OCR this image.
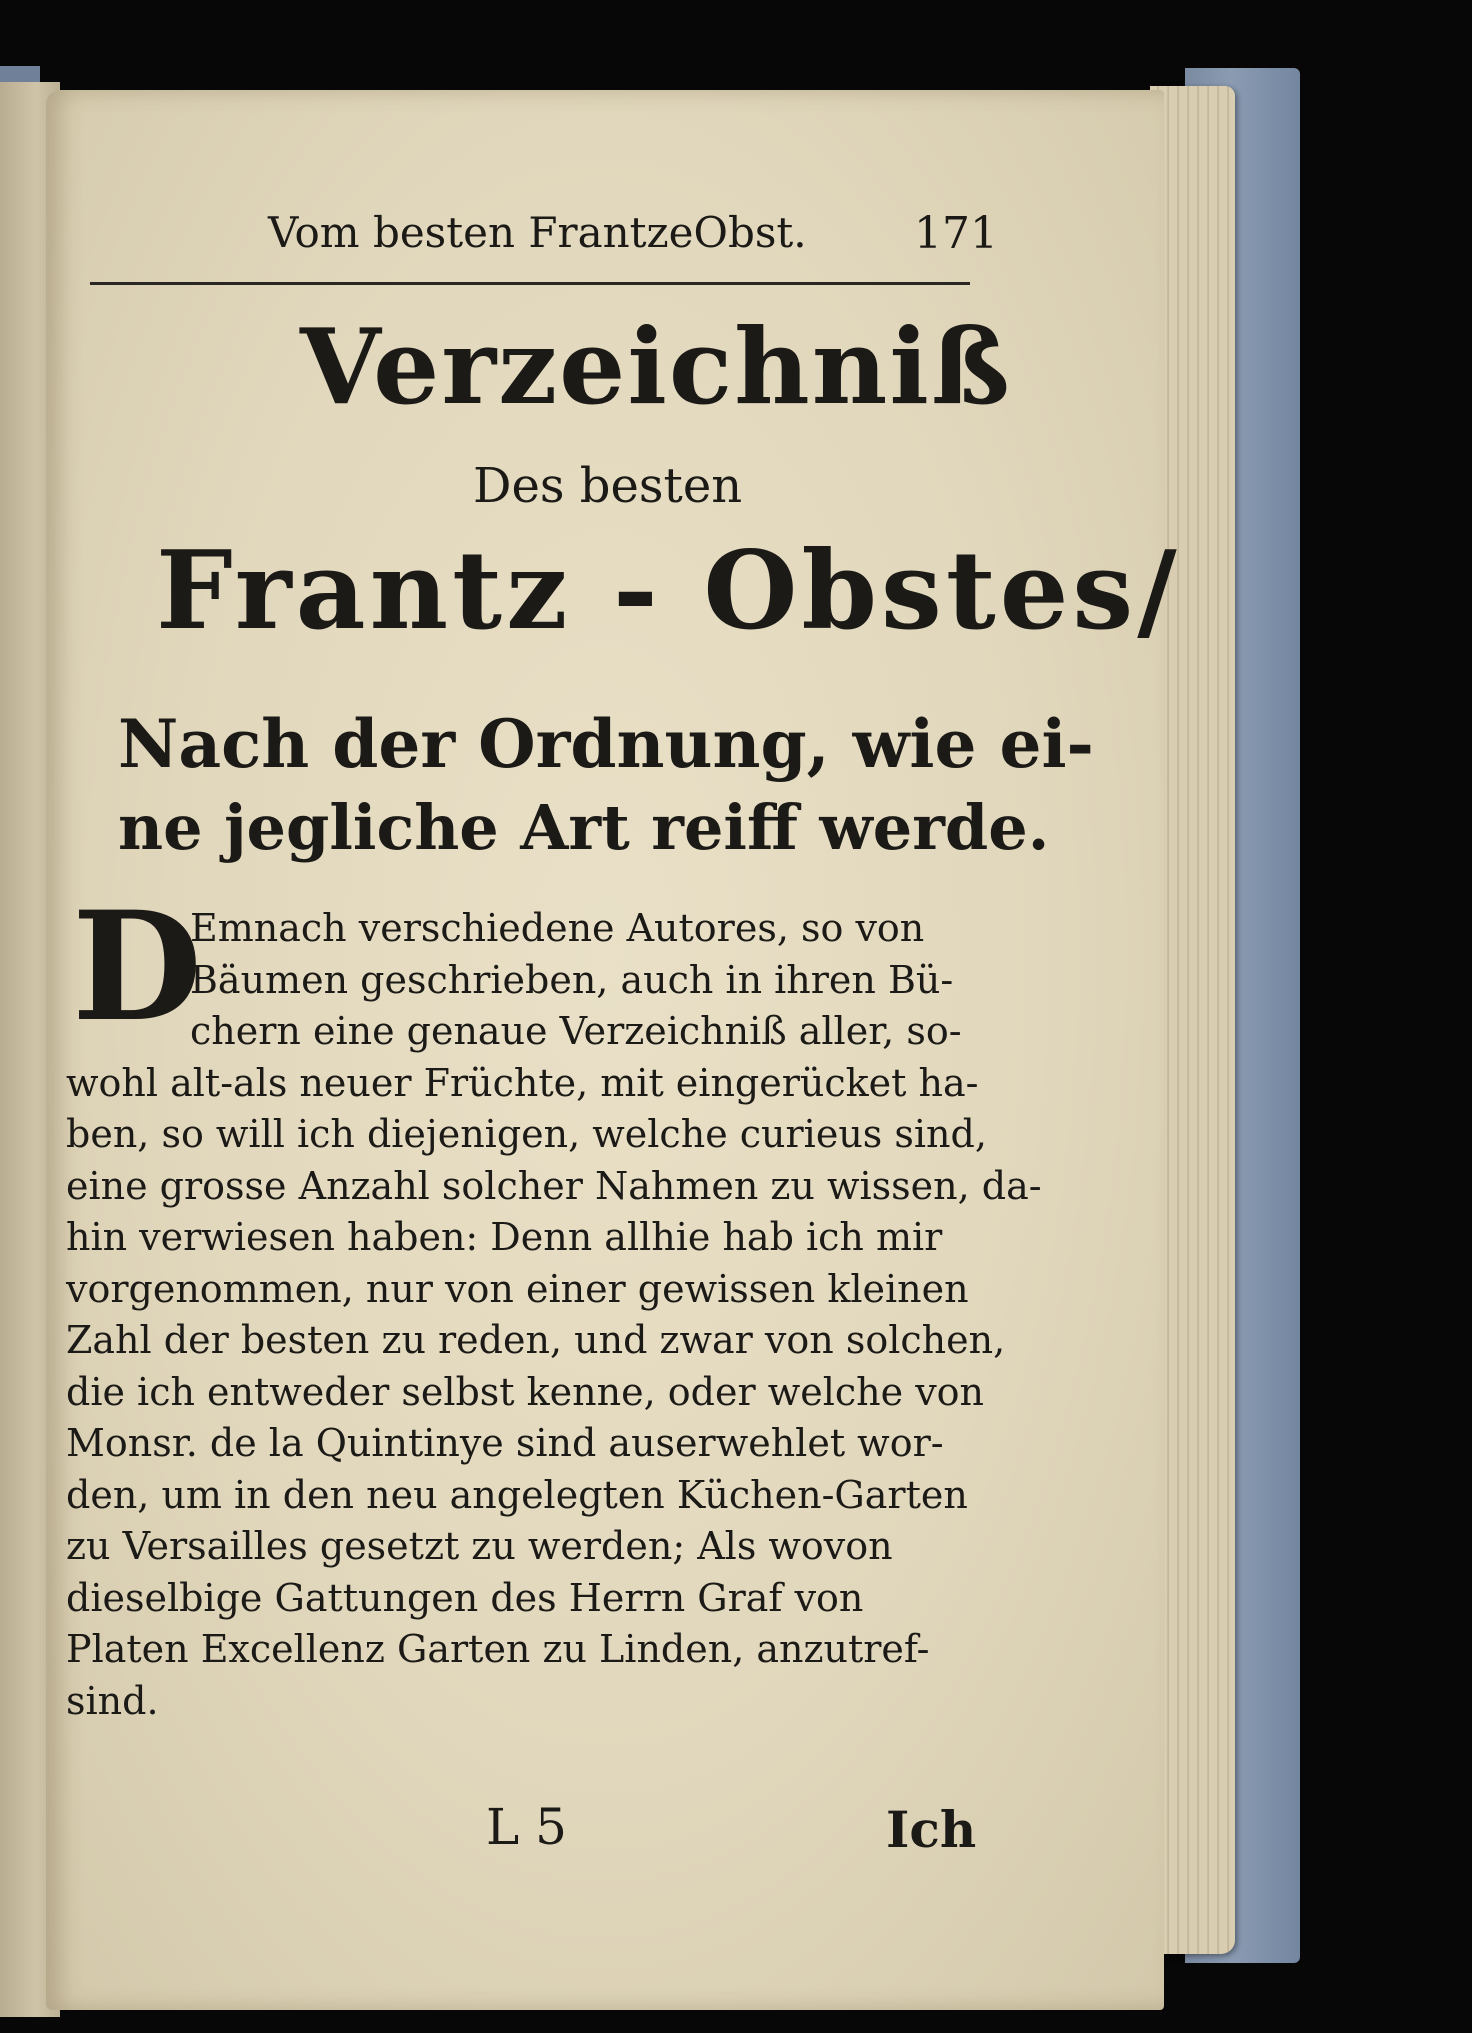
Vom besten FrantzeObst. 171
Verzeichniß
Des besten
Frantz - Obstes/
Nach der Ordnung, wie ei-
ne jegliche Art reiff werde.
D
Emnach verschiedene Autores, so von
Bäumen geschrieben, auch in ihren Bü-
chern eine genaue Verzeichniß aller, so-
wohl alt-als neuer Früchte, mit eingerücket ha-
ben, so will ich diejenigen, welche curieus sind,
eine grosse Anzahl solcher Nahmen zu wissen, da-
hin verwiesen haben: Denn allhie hab ich mir
vorgenommen, nur von einer gewissen kleinen
Zahl der besten zu reden, und zwar von solchen,
die ich entweder selbst kenne, oder welche von
Monsr. de la Quintinye sind auserwehlet wor-
den, um in den neu angelegten Küchen-Garten
zu Versailles gesetzt zu werden; Als wovon
dieselbige Gattungen des Herrn Graf von
Platen Excellenz Garten zu Linden, anzutref-
sind.
L 5	Ich
